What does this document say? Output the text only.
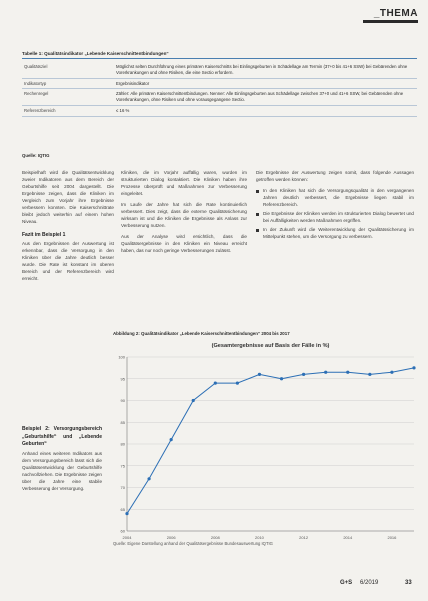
_THEMA
Tabelle 1: Qualitätsindikator „Lebende Kaiserschnittentbindungen“
Qualitätsziel	Möglichst selten Durchführung eines primären Kaiserschnitts bei Einlingsgeburten in Schädellage am Termin (37+0 bis 41+6 SSW) bei Gebärenden ohne Vorerkrankungen und ohne Risiken, die eine Sectio erfordern.
Indikatortyp	Ergebnisindikator
Rechenregel	Zähler: Alle primären Kaiserschnittentbindungen. Nenner: Alle Einlingsgeburten aus Schädellage zwischen 37+0 und 41+6 SSW, bei Gebärenden ohne Vorerkrankungen, ohne Risiken und ohne vorausgegangene Sectio.
Referenzbereich	≤ 16 %
Quelle: IQTIG

Beispielhaft wird die Qualitätsentwicklung zweier Indikatoren aus dem Bereich der Geburtshilfe seit 2004 dargestellt. Die Ergebnisse zeigen, dass die Kliniken im Vergleich zum Vorjahr ihre Ergebnisse verbessern konnten. Die Kaiserschnittrate bleibt jedoch weiterhin auf einem hohen Niveau.

Fazit im Beispiel 1

Aus den Ergebnissen der Auswertung ist erkennbar, dass die Versorgung in den Kliniken über die Jahre deutlich besser wurde. Die Rate ist konstant im oberen Bereich und der Referenzbereich wird erreicht.

Beispiel 2: Versorgungsbereich „Geburtshilfe“ und „Lebende Geburten“

Anhand eines weiteren Indikators aus dem Versorgungsbereich lässt sich die Qualitätsentwicklung der Geburtshilfe nachvollziehen. Die Ergebnisse zeigen über die Jahre eine stabile Verbesserung der Versorgung.

Kliniken, die im Vorjahr auffällig waren, wurden im strukturierten Dialog kontaktiert. Die Kliniken haben ihre Prozesse überprüft und Maßnahmen zur Verbesserung eingeleitet.

Im Laufe der Jahre hat sich die Rate kontinuierlich verbessert. Dies zeigt, dass die externe Qualitätssicherung wirksam ist und die Kliniken die Ergebnisse als Anlass zur Verbesserung nutzen.

Aus der Analyse wird ersichtlich, dass die Qualitätsergebnisse in den Kliniken ein Niveau erreicht haben, das nur noch geringe Verbesserungen zulässt.

Die Ergebnisse der Auswertung zeigen somit, dass folgende Aussagen getroffen werden können:

In den Kliniken hat sich die Versorgungsqualität in den vergangenen Jahren deutlich verbessert, die Ergebnisse liegen stabil im Referenzbereich.
Die Ergebnisse der Kliniken werden im strukturierten Dialog bewertet und bei Auffälligkeiten werden Maßnahmen ergriffen.
In der Zukunft wird die Weiterentwicklung der Qualitätssicherung im Mittelpunkt stehen, um die Versorgung zu verbessern.
Abbildung 2: Qualitätsindikator „Lebende Kaiserschnittentbindungen“ 2004 bis 2017
(Gesamtergebnisse auf Basis der Fälle in %)
60
65
70
75
80
85
90
95
100
2004	2006	2008	2010	2012	2014	2016
Quelle: Eigene Darstellung anhand der Qualitätsergebnisse Bundesauswertung IQTIG
G+S 6/2019	33
